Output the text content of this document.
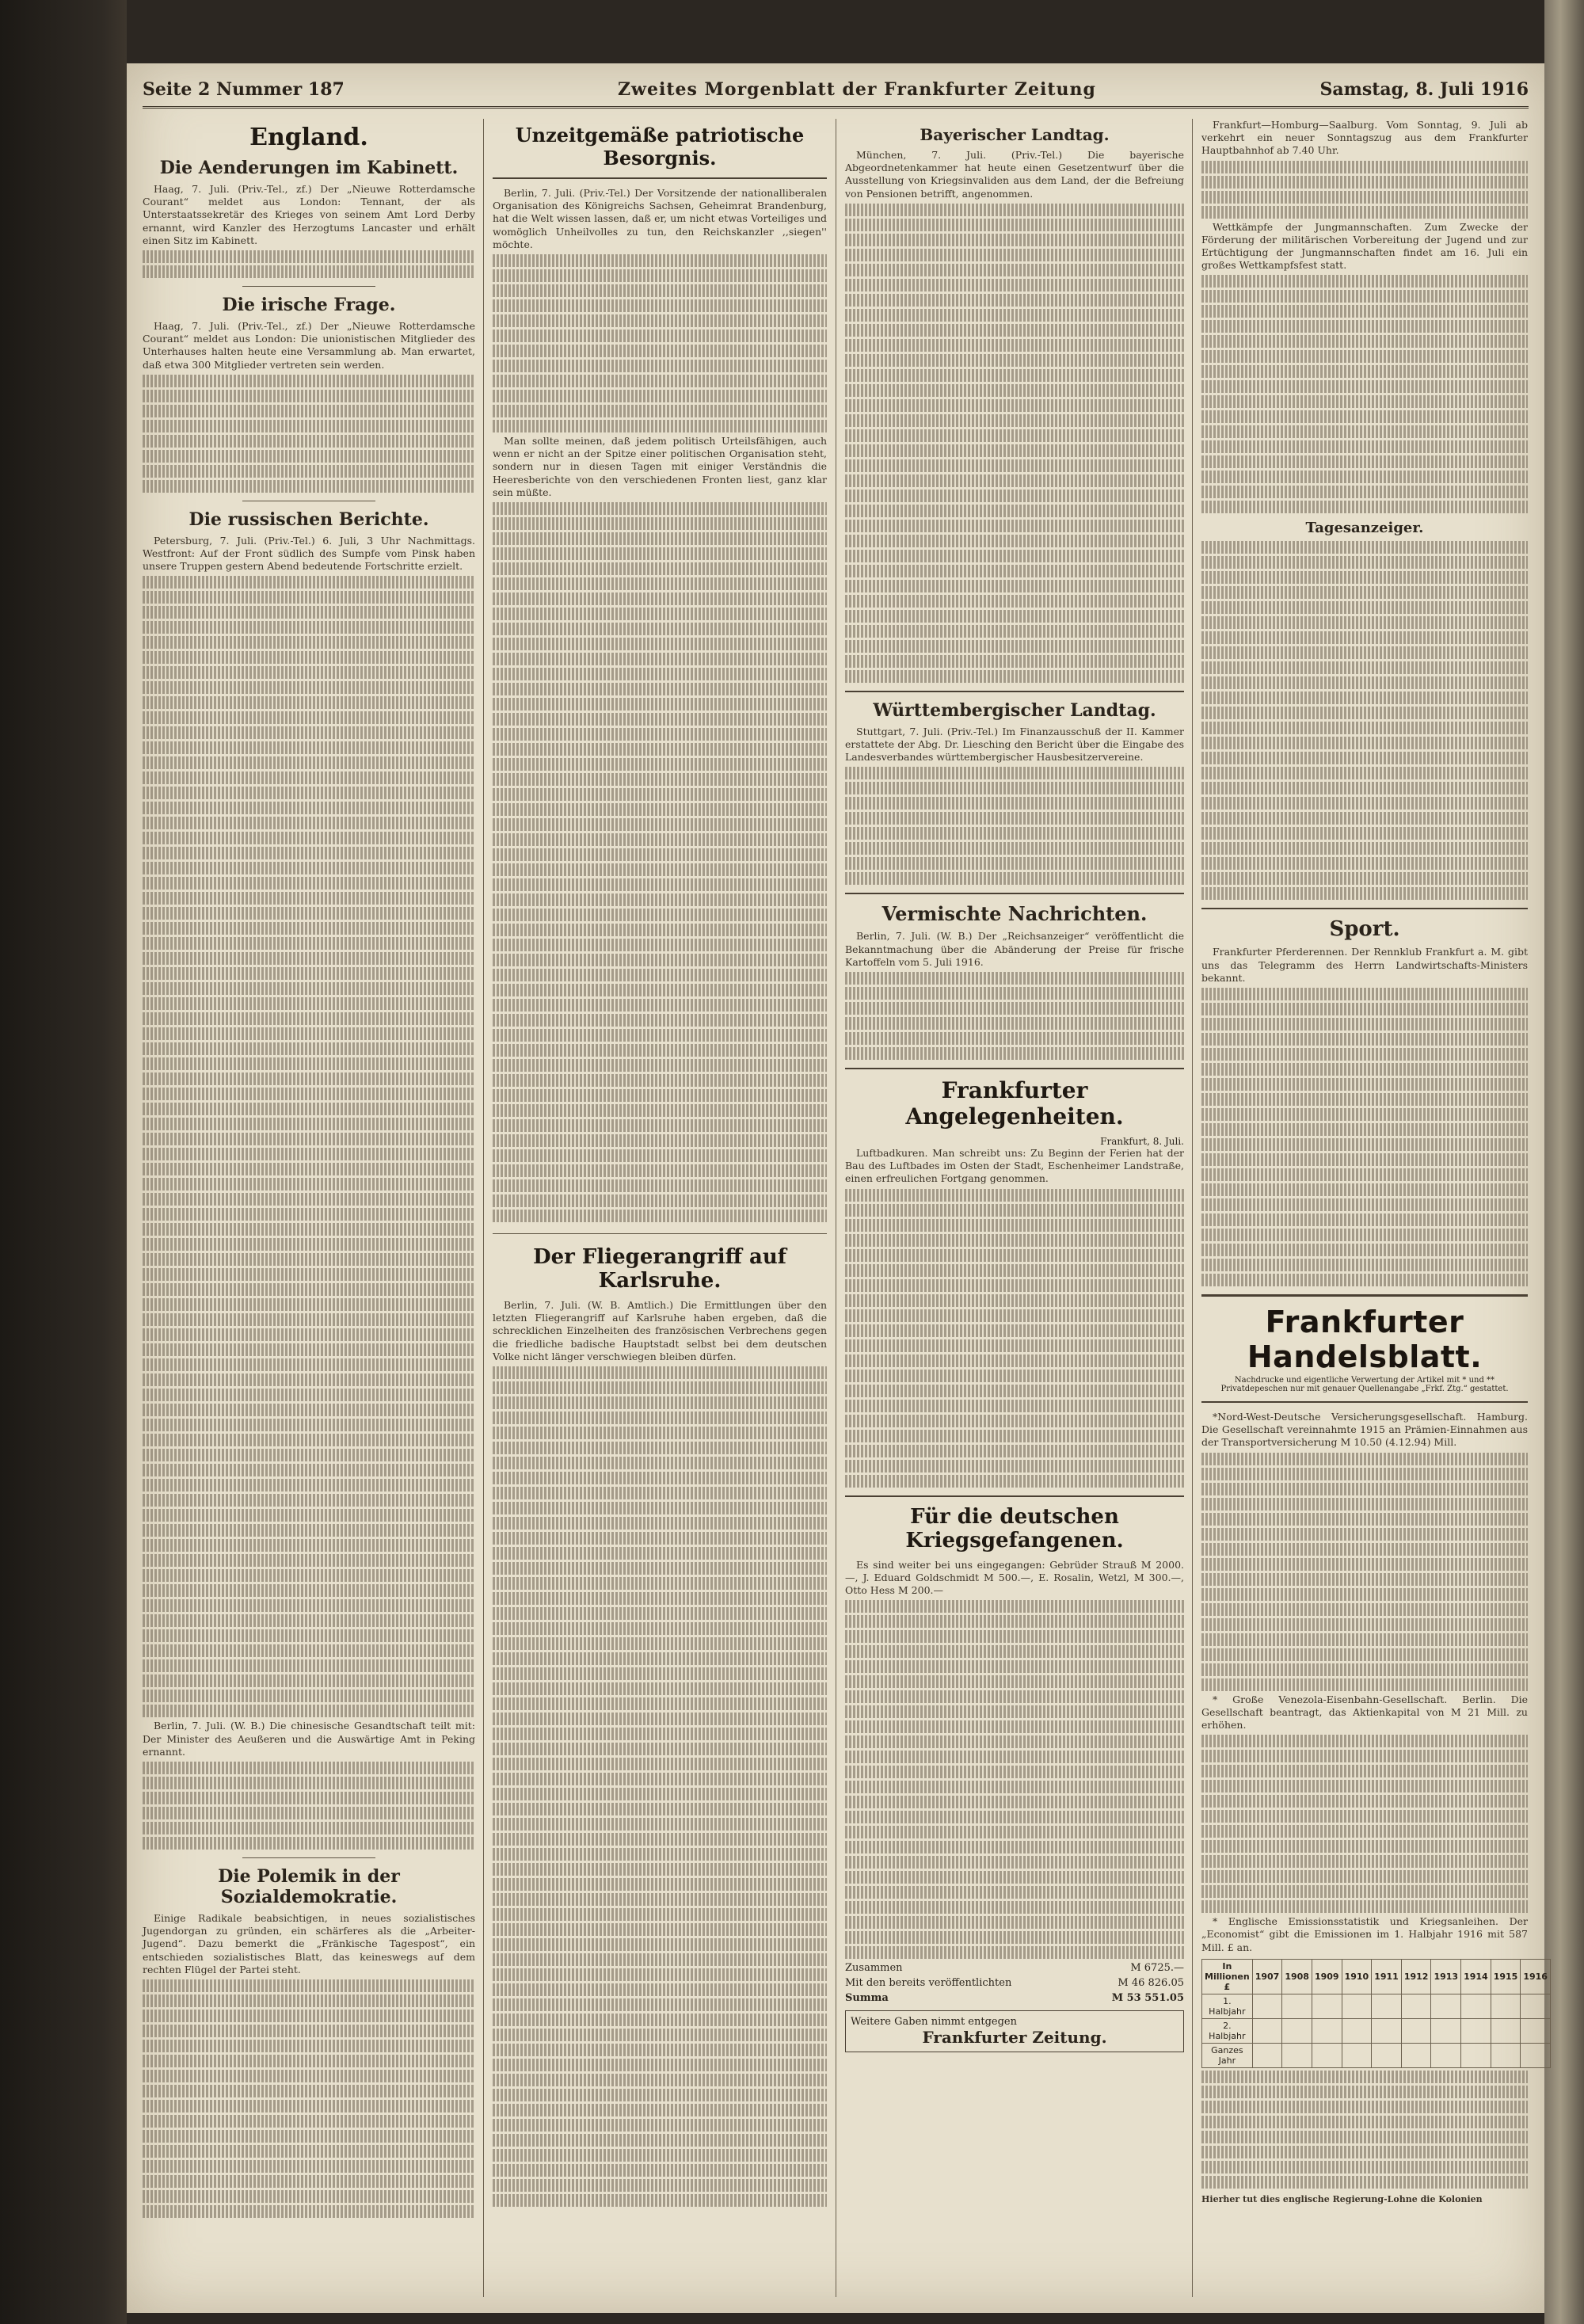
Seite 2 Nummer 187	Zweites Morgenblatt der Frankfurter Zeitung	Samstag, 8. Juli 1916
England.
Die Aenderungen im Kabinett.

Haag, 7. Juli. (Priv.-Tel., zf.) Der „Nieuwe Rotterdamsche Courant“ meldet aus London: Tennant, der als Unterstaatssekretär des Krieges von seinem Amt Lord Derby ernannt, wird Kanzler des Herzogtums Lancaster und erhält einen Sitz im Kabinett.

Die irische Frage.

Haag, 7. Juli. (Priv.-Tel., zf.) Der „Nieuwe Rotterdamsche Courant“ meldet aus London: Die unionistischen Mitglieder des Unterhauses halten heute eine Versammlung ab. Man erwartet, daß etwa 300 Mitglieder vertreten sein werden.

Die russischen Berichte.

Petersburg, 7. Juli. (Priv.-Tel.) 6. Juli, 3 Uhr Nachmittags. Westfront: Auf der Front südlich des Sumpfe vom Pinsk haben unsere Truppen gestern Abend bedeutende Fortschritte erzielt.

Berlin, 7. Juli. (W. B.) Die chinesische Gesandtschaft teilt mit: Der Minister des Aeußeren und die Auswärtige Amt in Peking ernannt.

Die Polemik in der Sozialdemokratie.

Einige Radikale beabsichtigen, in neues sozialistisches Jugendorgan zu gründen, ein schärferes als die „Arbeiter-Jugend“. Dazu bemerkt die „Fränkische Tagespost“, ein entschieden sozialistisches Blatt, das keineswegs auf dem rechten Flügel der Partei steht.

Unzeitgemäße patriotische Besorgnis.

Berlin, 7. Juli. (Priv.-Tel.) Der Vorsitzende der nationalliberalen Organisation des Königreichs Sachsen, Geheimrat Brandenburg, hat die Welt wissen lassen, daß er, um nicht etwas Vorteiliges und womöglich Unheilvolles zu tun, den Reichskanzler ,,siegen'' möchte.

Man sollte meinen, daß jedem politisch Urteilsfähigen, auch wenn er nicht an der Spitze einer politischen Organisation steht, sondern nur in diesen Tagen mit einiger Verständnis die Heeresberichte von den verschiedenen Fronten liest, ganz klar sein müßte.

Der Fliegerangriff auf Karlsruhe.

Berlin, 7. Juli. (W. B. Amtlich.) Die Ermittlungen über den letzten Fliegerangriff auf Karlsruhe haben ergeben, daß die schrecklichen Einzelheiten des französischen Verbrechens gegen die friedliche badische Hauptstadt selbst bei dem deutschen Volke nicht länger verschwiegen bleiben dürfen.

Bayerischer Landtag.

München, 7. Juli. (Priv.-Tel.) Die bayerische Abgeordnetenkammer hat heute einen Gesetzentwurf über die Ausstellung von Kriegsinvaliden aus dem Land, der die Befreiung von Pensionen betrifft, angenommen.

Württembergischer Landtag.

Stuttgart, 7. Juli. (Priv.-Tel.) Im Finanzausschuß der II. Kammer erstattete der Abg. Dr. Liesching den Bericht über die Eingabe des Landesverbandes württembergischer Hausbesitzervereine.

Vermischte Nachrichten.

Berlin, 7. Juli. (W. B.) Der „Reichsanzeiger“ veröffentlicht die Bekanntmachung über die Abänderung der Preise für frische Kartoffeln vom 5. Juli 1916.

Frankfurter Angelegenheiten.
Frankfurt, 8. Juli.

Luftbadkuren. Man schreibt uns: Zu Beginn der Ferien hat der Bau des Luftbades im Osten der Stadt, Eschenheimer Landstraße, einen erfreulichen Fortgang genommen.

Für die deutschen Kriegsgefangenen.

Es sind weiter bei uns eingegangen: Gebrüder Strauß M 2000.—, J. Eduard Goldschmidt M 500.—, E. Rosalin, Wetzl, M 300.—, Otto Hess M 200.—

Zusammen	M 6725.—
Mit den bereits veröffentlichten	M 46 826.05
Summa	M 53 551.05
Weitere Gaben nimmt entgegen
Frankfurter Zeitung.

Frankfurt—Homburg—Saalburg. Vom Sonntag, 9. Juli ab verkehrt ein neuer Sonntagszug aus dem Frankfurter Hauptbahnhof ab 7.40 Uhr.

Wettkämpfe der Jungmannschaften. Zum Zwecke der Förderung der militärischen Vorbereitung der Jugend und zur Ertüchtigung der Jungmannschaften findet am 16. Juli ein großes Wettkampfsfest statt.

Tagesanzeiger.
Sport.

Frankfurter Pferderennen. Der Rennklub Frankfurt a. M. gibt uns das Telegramm des Herrn Landwirtschafts-Ministers bekannt.

Frankfurter Handelsblatt.
Nachdrucke und eigentliche Verwertung der Artikel mit * und ** Privatdepeschen nur mit genauer Quellenangabe „Frkf. Ztg.“ gestattet.

*Nord-West-Deutsche Versicherungsgesellschaft. Hamburg. Die Gesellschaft vereinnahmte 1915 an Prämien-Einnahmen aus der Transportversicherung M 10.50 (4.12.94) Mill.

* Große Venezola-Eisenbahn-Gesellschaft. Berlin. Die Gesellschaft beantragt, das Aktienkapital von M 21 Mill. zu erhöhen.

* Englische Emissionsstatistik und Kriegsanleihen. Der „Economist“ gibt die Emissionen im 1. Halbjahr 1916 mit 587 Mill. £ an.

In Millionen £	1907	1908	1909	1910	1911	1912	1913	1914	1915	1916
1. Halbjahr										
2. Halbjahr										
Ganzes Jahr										
Hierher tut dies englische Regierung-Lohne die Kolonien
